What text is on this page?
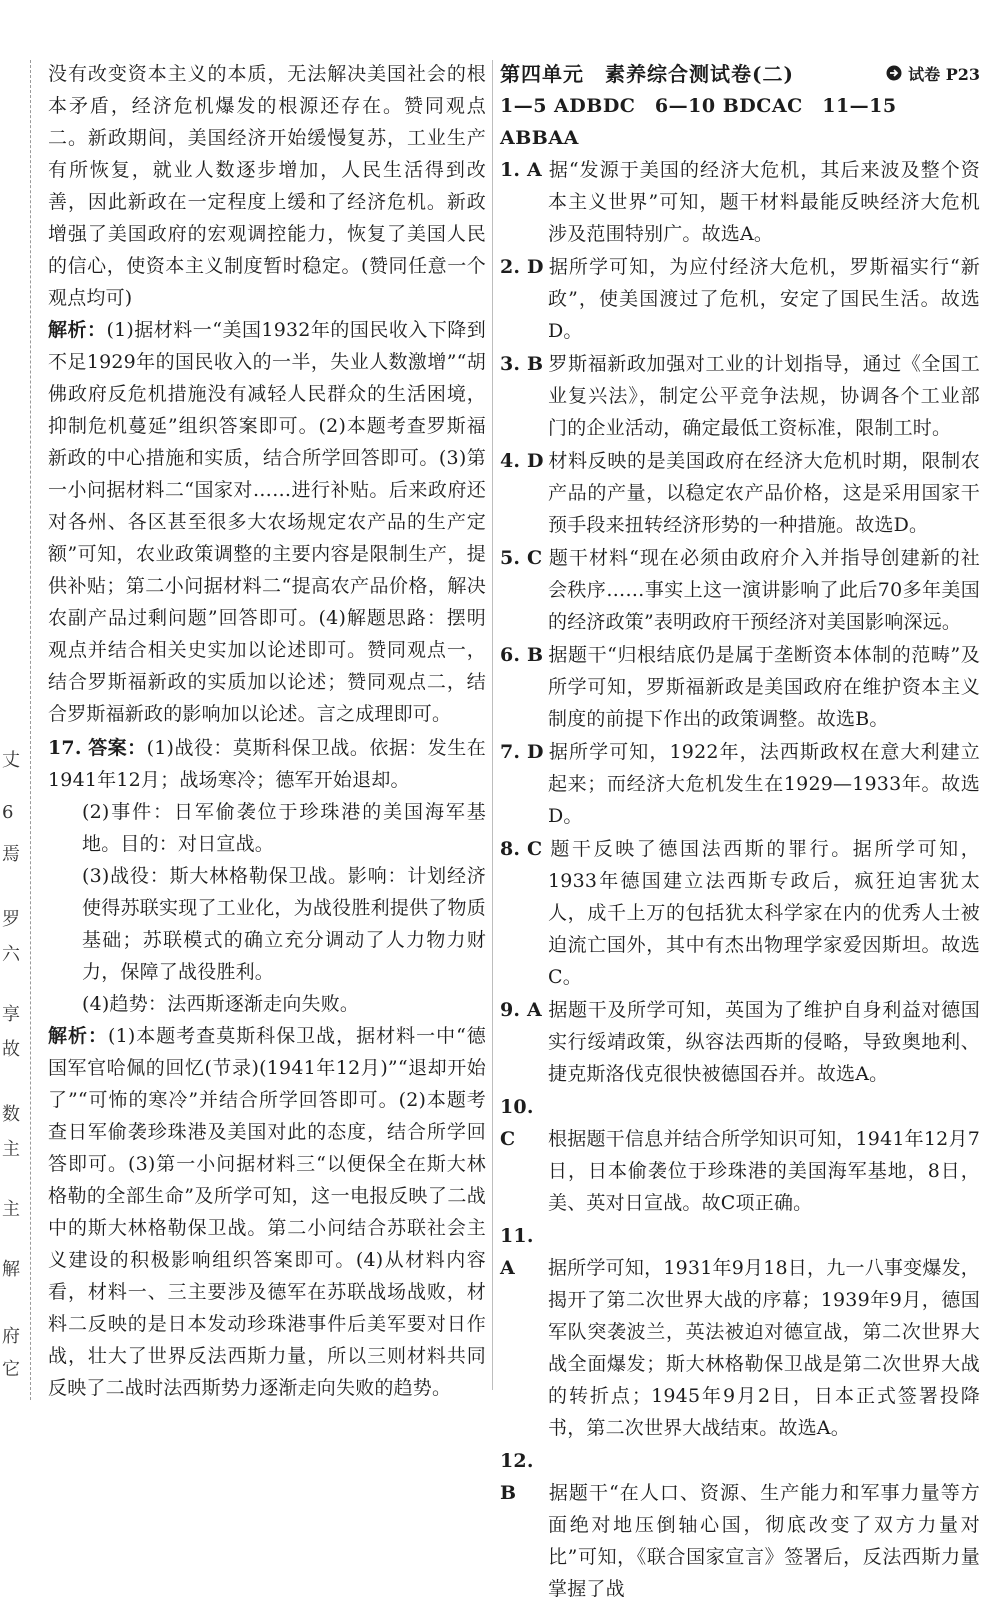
丈
6
焉
罗
六
享
故
数
主
主
解
府
它

没有改变资本主义的本质，无法解决美国社会的根本矛盾，经济危机爆发的根源还存在。赞同观点二。新政期间，美国经济开始缓慢复苏，工业生产有所恢复，就业人数逐步增加，人民生活得到改善，因此新政在一定程度上缓和了经济危机。新政增强了美国政府的宏观调控能力，恢复了美国人民的信心，使资本主义制度暂时稳定。(赞同任意一个观点均可)

解析：(1)据材料一“美国1932年的国民收入下降到不足1929年的国民收入的一半，失业人数激增”“胡佛政府反危机措施没有减轻人民群众的生活困境，抑制危机蔓延”组织答案即可。(2)本题考查罗斯福新政的中心措施和实质，结合所学回答即可。(3)第一小问据材料二“国家对……进行补贴。后来政府还对各州、各区甚至很多大农场规定农产品的生产定额”可知，农业政策调整的主要内容是限制生产，提供补贴；第二小问据材料二“提高农产品价格，解决农副产品过剩问题”回答即可。(4)解题思路：摆明观点并结合相关史实加以论述即可。赞同观点一，结合罗斯福新政的实质加以论述；赞同观点二，结合罗斯福新政的影响加以论述。言之成理即可。

17. 答案：(1)战役：莫斯科保卫战。依据：发生在1941年12月；战场寒冷；德军开始退却。

(2)事件：日军偷袭位于珍珠港的美国海军基地。目的：对日宣战。

(3)战役：斯大林格勒保卫战。影响：计划经济使得苏联实现了工业化，为战役胜利提供了物质基础；苏联模式的确立充分调动了人力物力财力，保障了战役胜利。

(4)趋势：法西斯逐渐走向失败。

解析：(1)本题考查莫斯科保卫战，据材料一中“德国军官哈佩的回忆(节录)(1941年12月)”“退却开始了”“可怖的寒冷”并结合所学回答即可。(2)本题考查日军偷袭珍珠港及美国对此的态度，结合所学回答即可。(3)第一小问据材料三“以便保全在斯大林格勒的全部生命”及所学可知，这一电报反映了二战中的斯大林格勒保卫战。第二小问结合苏联社会主义建设的积极影响组织答案即可。(4)从材料内容看，材料一、三主要涉及德军在苏联战场战败，材料二反映的是日本发动珍珠港事件后美军要对日作战，壮大了世界反法西斯力量，所以三则材料共同反映了二战时法西斯势力逐渐走向失败的趋势。

第四单元　素养综合测试卷(二)	试卷 P23

1—5 ADBDC　6—10 BDCAC　11—15 ABBAA

1. A 据“发源于美国的经济大危机，其后来波及整个资本主义世界”可知，题干材料最能反映经济大危机涉及范围特别广。故选A。

2. D 据所学可知，为应付经济大危机，罗斯福实行“新政”，使美国渡过了危机，安定了国民生活。故选D。

3. B 罗斯福新政加强对工业的计划指导，通过《全国工业复兴法》，制定公平竞争法规，协调各个工业部门的企业活动，确定最低工资标准，限制工时。

4. D 材料反映的是美国政府在经济大危机时期，限制农产品的产量，以稳定农产品价格，这是采用国家干预手段来扭转经济形势的一种措施。故选D。

5. C 题干材料“现在必须由政府介入并指导创建新的社会秩序……事实上这一演讲影响了此后70多年美国的经济政策”表明政府干预经济对美国影响深远。

6. B 据题干“归根结底仍是属于垄断资本体制的范畴”及所学可知，罗斯福新政是美国政府在维护资本主义制度的前提下作出的政策调整。故选B。

7. D 据所学可知，1922年，法西斯政权在意大利建立起来；而经济大危机发生在1929—1933年。故选D。

8. C 题干反映了德国法西斯的罪行。据所学可知，1933年德国建立法西斯专政后，疯狂迫害犹太人，成千上万的包括犹太科学家在内的优秀人士被迫流亡国外，其中有杰出物理学家爱因斯坦。故选C。

9. A 据题干及所学可知，英国为了维护自身利益对德国实行绥靖政策，纵容法西斯的侵略，导致奥地利、捷克斯洛伐克很快被德国吞并。故选A。

10. C 根据题干信息并结合所学知识可知，1941年12月7日，日本偷袭位于珍珠港的美国海军基地，8日，美、英对日宣战。故C项正确。

11. A 据所学可知，1931年9月18日，九一八事变爆发，揭开了第二次世界大战的序幕；1939年9月，德国军队突袭波兰，英法被迫对德宣战，第二次世界大战全面爆发；斯大林格勒保卫战是第二次世界大战的转折点；1945年9月2日，日本正式签署投降书，第二次世界大战结束。故选A。

12. B 据题干“在人口、资源、生产能力和军事力量等方面绝对地压倒轴心国，彻底改变了双方力量对比”可知，《联合国家宣言》签署后，反法西斯力量掌握了战
